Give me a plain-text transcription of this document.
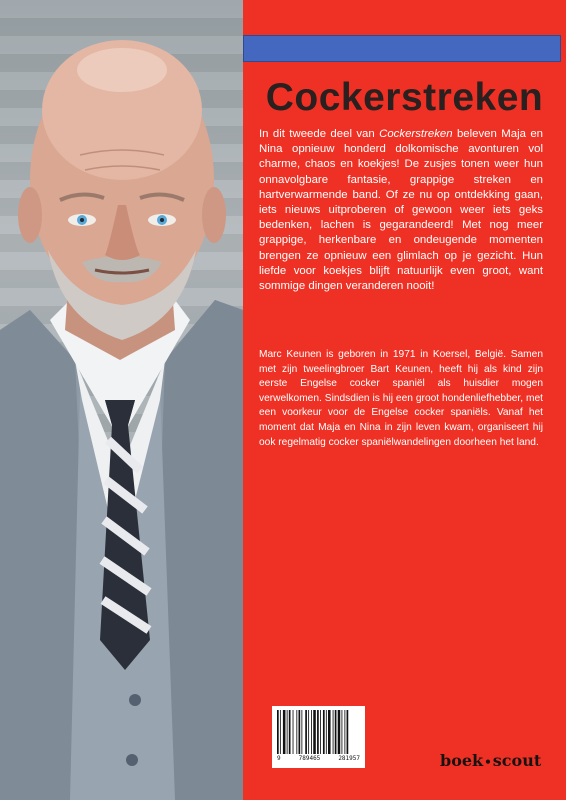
Cockerstreken

In dit tweede deel van Cockerstreken beleven Maja en Nina opnieuw honderd dolkomische avonturen vol charme, chaos en koekjes! De zusjes tonen weer hun onnavolgbare fantasie, grappige streken en hartverwarmende band. Of ze nu op ontdekking gaan, iets nieuws uitproberen of gewoon weer iets geks bedenken, lachen is gegarandeerd! Met nog meer grappige, herkenbare en ondeugende momenten brengen ze opnieuw een glimlach op je gezicht. Hun liefde voor koekjes blijft natuurlijk even groot, want sommige dingen veranderen nooit!

Marc Keunen is geboren in 1971 in Koersel, België. Samen met zijn tweelingbroer Bart Keunen, heeft hij als kind zijn eerste Engelse cocker spaniël als huisdier mogen verwelkomen. Sindsdien is hij een groot hondenliefhebber, met een voorkeur voor de Engelse cocker spaniëls. Vanaf het moment dat Maja en Nina in zijn leven kwam, organiseert hij ook regelmatig cocker spaniëlwandelingen doorheen het land.

9	789465	281957	boek•scout
